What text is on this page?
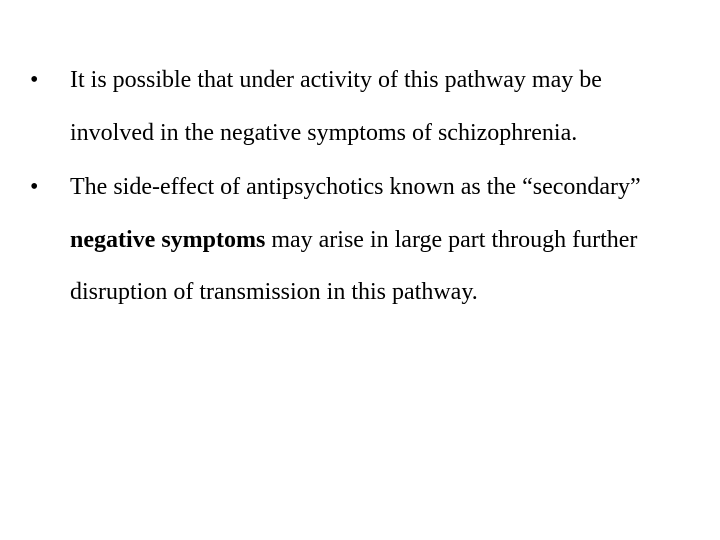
•	It is possible that under activity of this pathway may be involved in the negative symptoms of schizophrenia.
•	The side-effect of antipsychotics known as the “secondary” negative symptoms may arise in large part through further disruption of transmission in this pathway.
